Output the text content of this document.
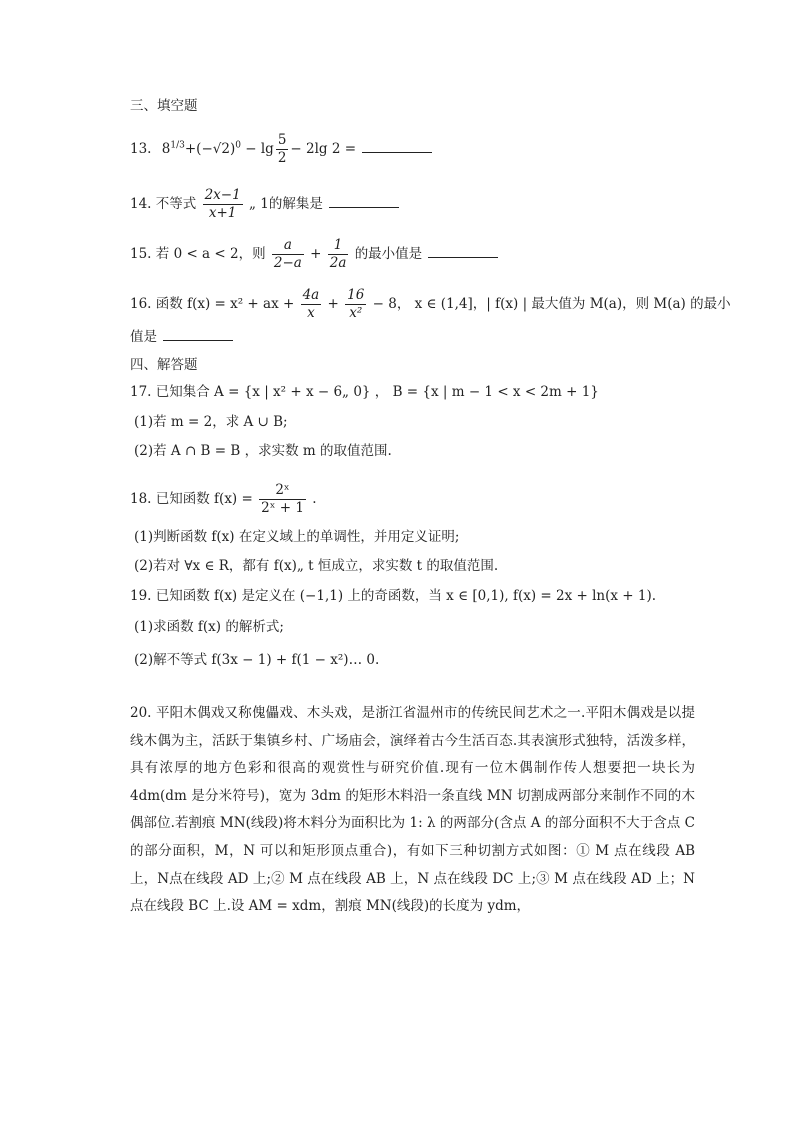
三、填空题
13. $8^{1/3}+(-√2)^0 - \lg \frac{5}{2} - 2\lg$ 2 =
14. 不等式 $\frac{2x-1}{x+1}$ „ 1的解集是
15. 若 0 < a < 2，则 $\frac{a}{2-a} + \frac{1}{2a}$ 的最小值是
16. 函数 f(x) = x² + ax + $\frac{4a}{x} + \frac{16}{\text{x²}} - 8$， x ∈ (1,4]，| f(x) | 最大值为 M(a)，则 M(a) 的最小
值是
四、解答题
17. 已知集合 A = {x | x² + x − 6„ 0} ， B = {x | m − 1 < x < 2m + 1}
(1)若 m = 2，求 A ∪ B;
(2)若 A ∩ B = B ，求实数 m 的取值范围.
18. 已知函数 $f(x) = \frac{\text{2ˣ}}{\text{2ˣ + 1}}$ .
(1)判断函数 f(x) 在定义域上的单调性，并用定义证明;
(2)若对 ∀x ∈ R，都有 f(x)„ t 恒成立，求实数 t 的取值范围.
19. 已知函数 f(x) 是定义在 (−1,1) 上的奇函数，当 x ∈ [0,1), f(x) = 2x + ln(x + 1).
(1)求函数 f(x) 的解析式;
(2)解不等式 f(3x − 1) + f(1 − x²)… 0.
20. 平阳木偶戏又称傀儡戏、木头戏，是浙江省温州市的传统民间艺术之一.平阳木偶戏是以提线木偶为主，活跃于集镇乡村、广场庙会，演绎着古今生活百态.其表演形式独特，活泼多样，具有浓厚的地方色彩和很高的观赏性与研究价值.现有一位木偶制作传人想要把一块长为 4dm(dm 是分米符号)，宽为 3dm 的矩形木料沿一条直线 MN 切割成两部分来制作不同的木偶部位.若割痕 MN(线段)将木料分为面积比为 1: λ 的两部分(含点 A 的部分面积不大于含点 C 的部分面积，M，N 可以和矩形顶点重合)，有如下三种切割方式如图：① M 点在线段 AB 上，N点在线段 AD 上;② M 点在线段 AB 上，N 点在线段 DC 上;③ M 点在线段 AD 上；N 点在线段 BC 上.设 AM = xdm，割痕 MN(线段)的长度为 ydm，
